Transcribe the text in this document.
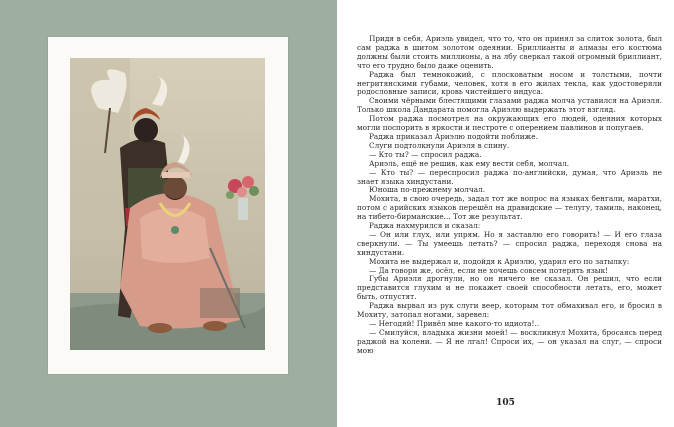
Придя в себя, Ариэль увидел, что то, что он принял за слиток золота, был сам раджа в шитом золотом одеянии. Бриллианты и алмазы его костюма должны были стоить миллионы, а на лбу сверкал такой огромный бриллиант, что его трудно было даже оценить.

Раджа был темнокожий, с плосковатым носом и толстыми, почти негритянскими губами, человек, хотя в его жилах текла, как удостоверяли родословные записи, кровь чистейшего индуса.

Своими чёрными блестящими глазами раджа молча уставился на Ариэля. Только школа Дандарата помогла Ариэлю выдержать этот взгляд.

Потом раджа посмотрел на окружающих его людей, одеяния которых могли поспорить в яркости и пестроте с оперением павлинов и попугаев.

Раджа приказал Ариэлю подойти поближе.

Слуги подтолкнули Ариэля в спину.

— Кто ты? — спросил раджа.

Ариэль, ещё не решив, как ему вести себя, молчал.

— Кто ты? — переспросил раджа по-английски, думая, что Ариэль не знает языка хиндустани.

Юноша по-прежнему молчал.

Мохита, в свою очередь, задал тот же вопрос на языках бенгали, маратхи, потом с арийских языков перешёл на дравидские — телугу, тамиль, наконец, на тибето-бирманские... Тот же результат.

Раджа нахмурился и сказал:

— Он или глух, или упрям. Но я заставлю его говорить! — И его глаза сверкнули. — Ты умеешь летать? — спросил раджа, переходя снова на хиндустани.

Мохита не выдержал и, подойдя к Ариэлю, ударил его по затылку:

— Да говори же, осёл, если не хочешь совсем потерять язык!

Губы Ариэля дрогнули, но он ничего не сказал. Он решил, что если представится глухим и не покажет своей способности летать, его, может быть, отпустят.

Раджа вырвал из рук слуги веер, которым тот обмахивал его, и бросил в Мохиту, затопал ногами, заревел:

— Негодяй! Привёл мне какого-то идиота!..

— Смилуйся, владыка жизни моей! — воскликнул Мохита, бросаясь перед раджой на колени. — Я не лгал! Спроси их, — он указал на слуг, — спроси мою

105
